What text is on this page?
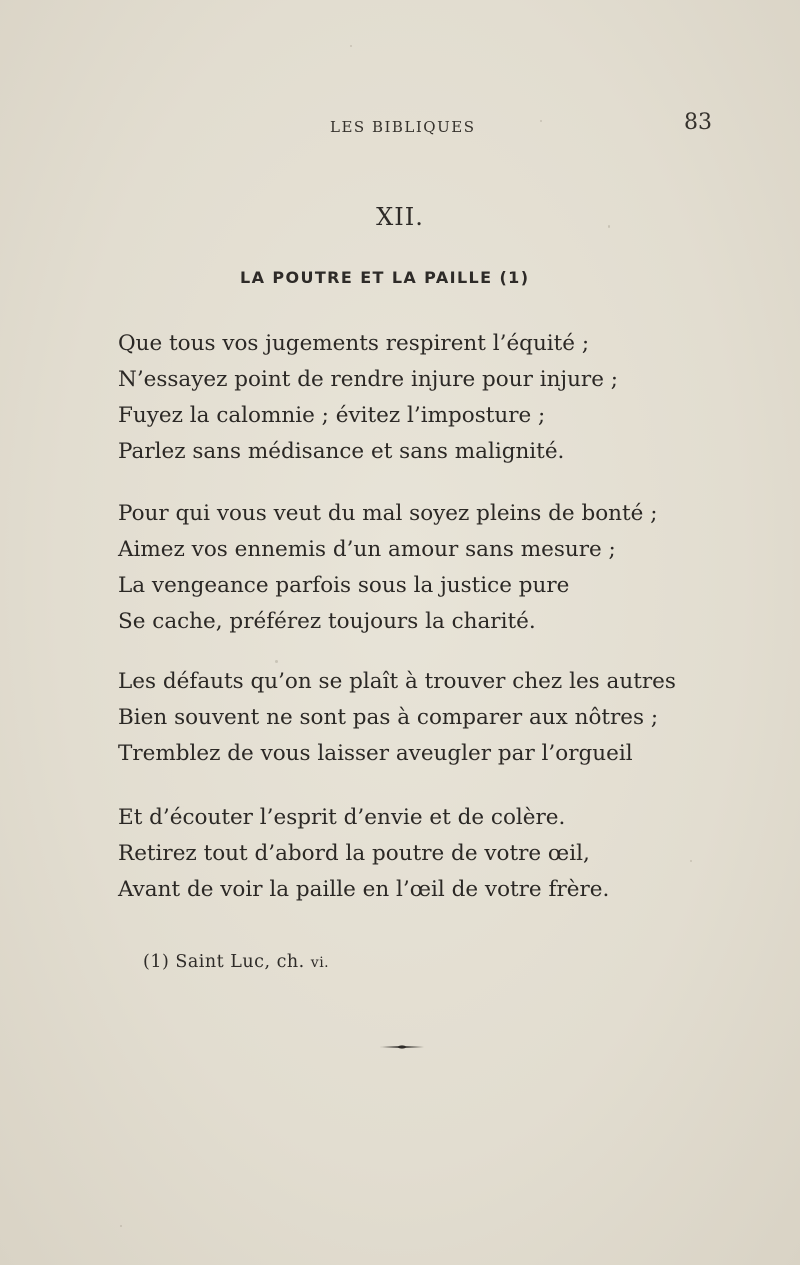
LES BIBLIQUES	83
XII.
LA POUTRE ET LA PAILLE (1)
Que tous vos jugements respirent l’équité ;
N’essayez point de rendre injure pour injure ;
Fuyez la calomnie ; évitez l’imposture ;
Parlez sans médisance et sans malignité.
Pour qui vous veut du mal soyez pleins de bonté ;
Aimez vos ennemis d’un amour sans mesure ;
La vengeance parfois sous la justice pure
Se cache, préférez toujours la charité.
Les défauts qu’on se plaît à trouver chez les autres
Bien souvent ne sont pas à comparer aux nôtres ;
Tremblez de vous laisser aveugler par l’orgueil
Et d’écouter l’esprit d’envie et de colère.
Retirez tout d’abord la poutre de votre œil,
Avant de voir la paille en l’œil de votre frère.
(1) Saint Luc, ch. vi.
